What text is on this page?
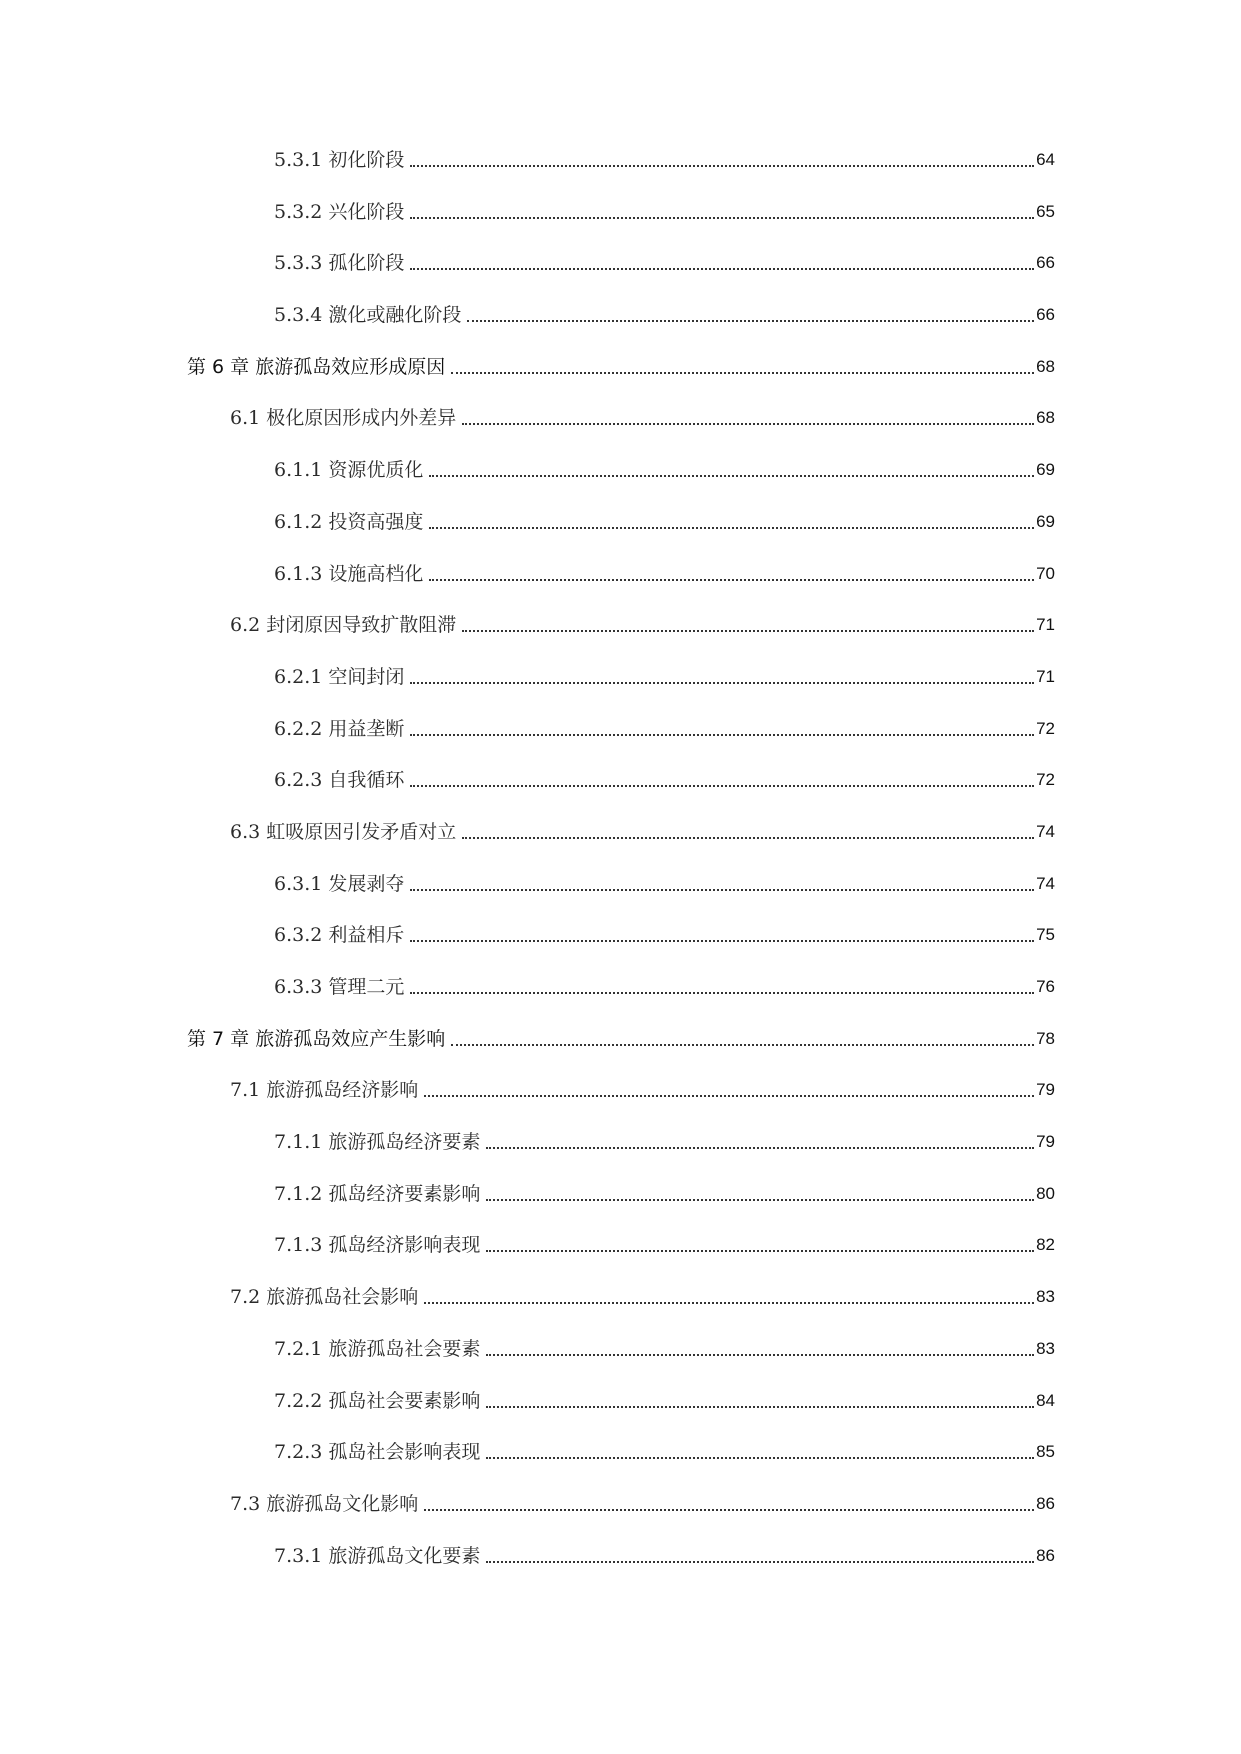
5.3.1 初化阶段	64
5.3.2 兴化阶段	65
5.3.3 孤化阶段	66
5.3.4 激化或融化阶段	66
第 6 章 旅游孤岛效应形成原因	68
6.1 极化原因形成内外差异	68
6.1.1 资源优质化	69
6.1.2 投资高强度	69
6.1.3 设施高档化	70
6.2 封闭原因导致扩散阻滞	71
6.2.1 空间封闭	71
6.2.2 用益垄断	72
6.2.3 自我循环	72
6.3 虹吸原因引发矛盾对立	74
6.3.1 发展剥夺	74
6.3.2 利益相斥	75
6.3.3 管理二元	76
第 7 章 旅游孤岛效应产生影响	78
7.1 旅游孤岛经济影响	79
7.1.1 旅游孤岛经济要素	79
7.1.2 孤岛经济要素影响	80
7.1.3 孤岛经济影响表现	82
7.2 旅游孤岛社会影响	83
7.2.1 旅游孤岛社会要素	83
7.2.2 孤岛社会要素影响	84
7.2.3 孤岛社会影响表现	85
7.3 旅游孤岛文化影响	86
7.3.1 旅游孤岛文化要素	86
